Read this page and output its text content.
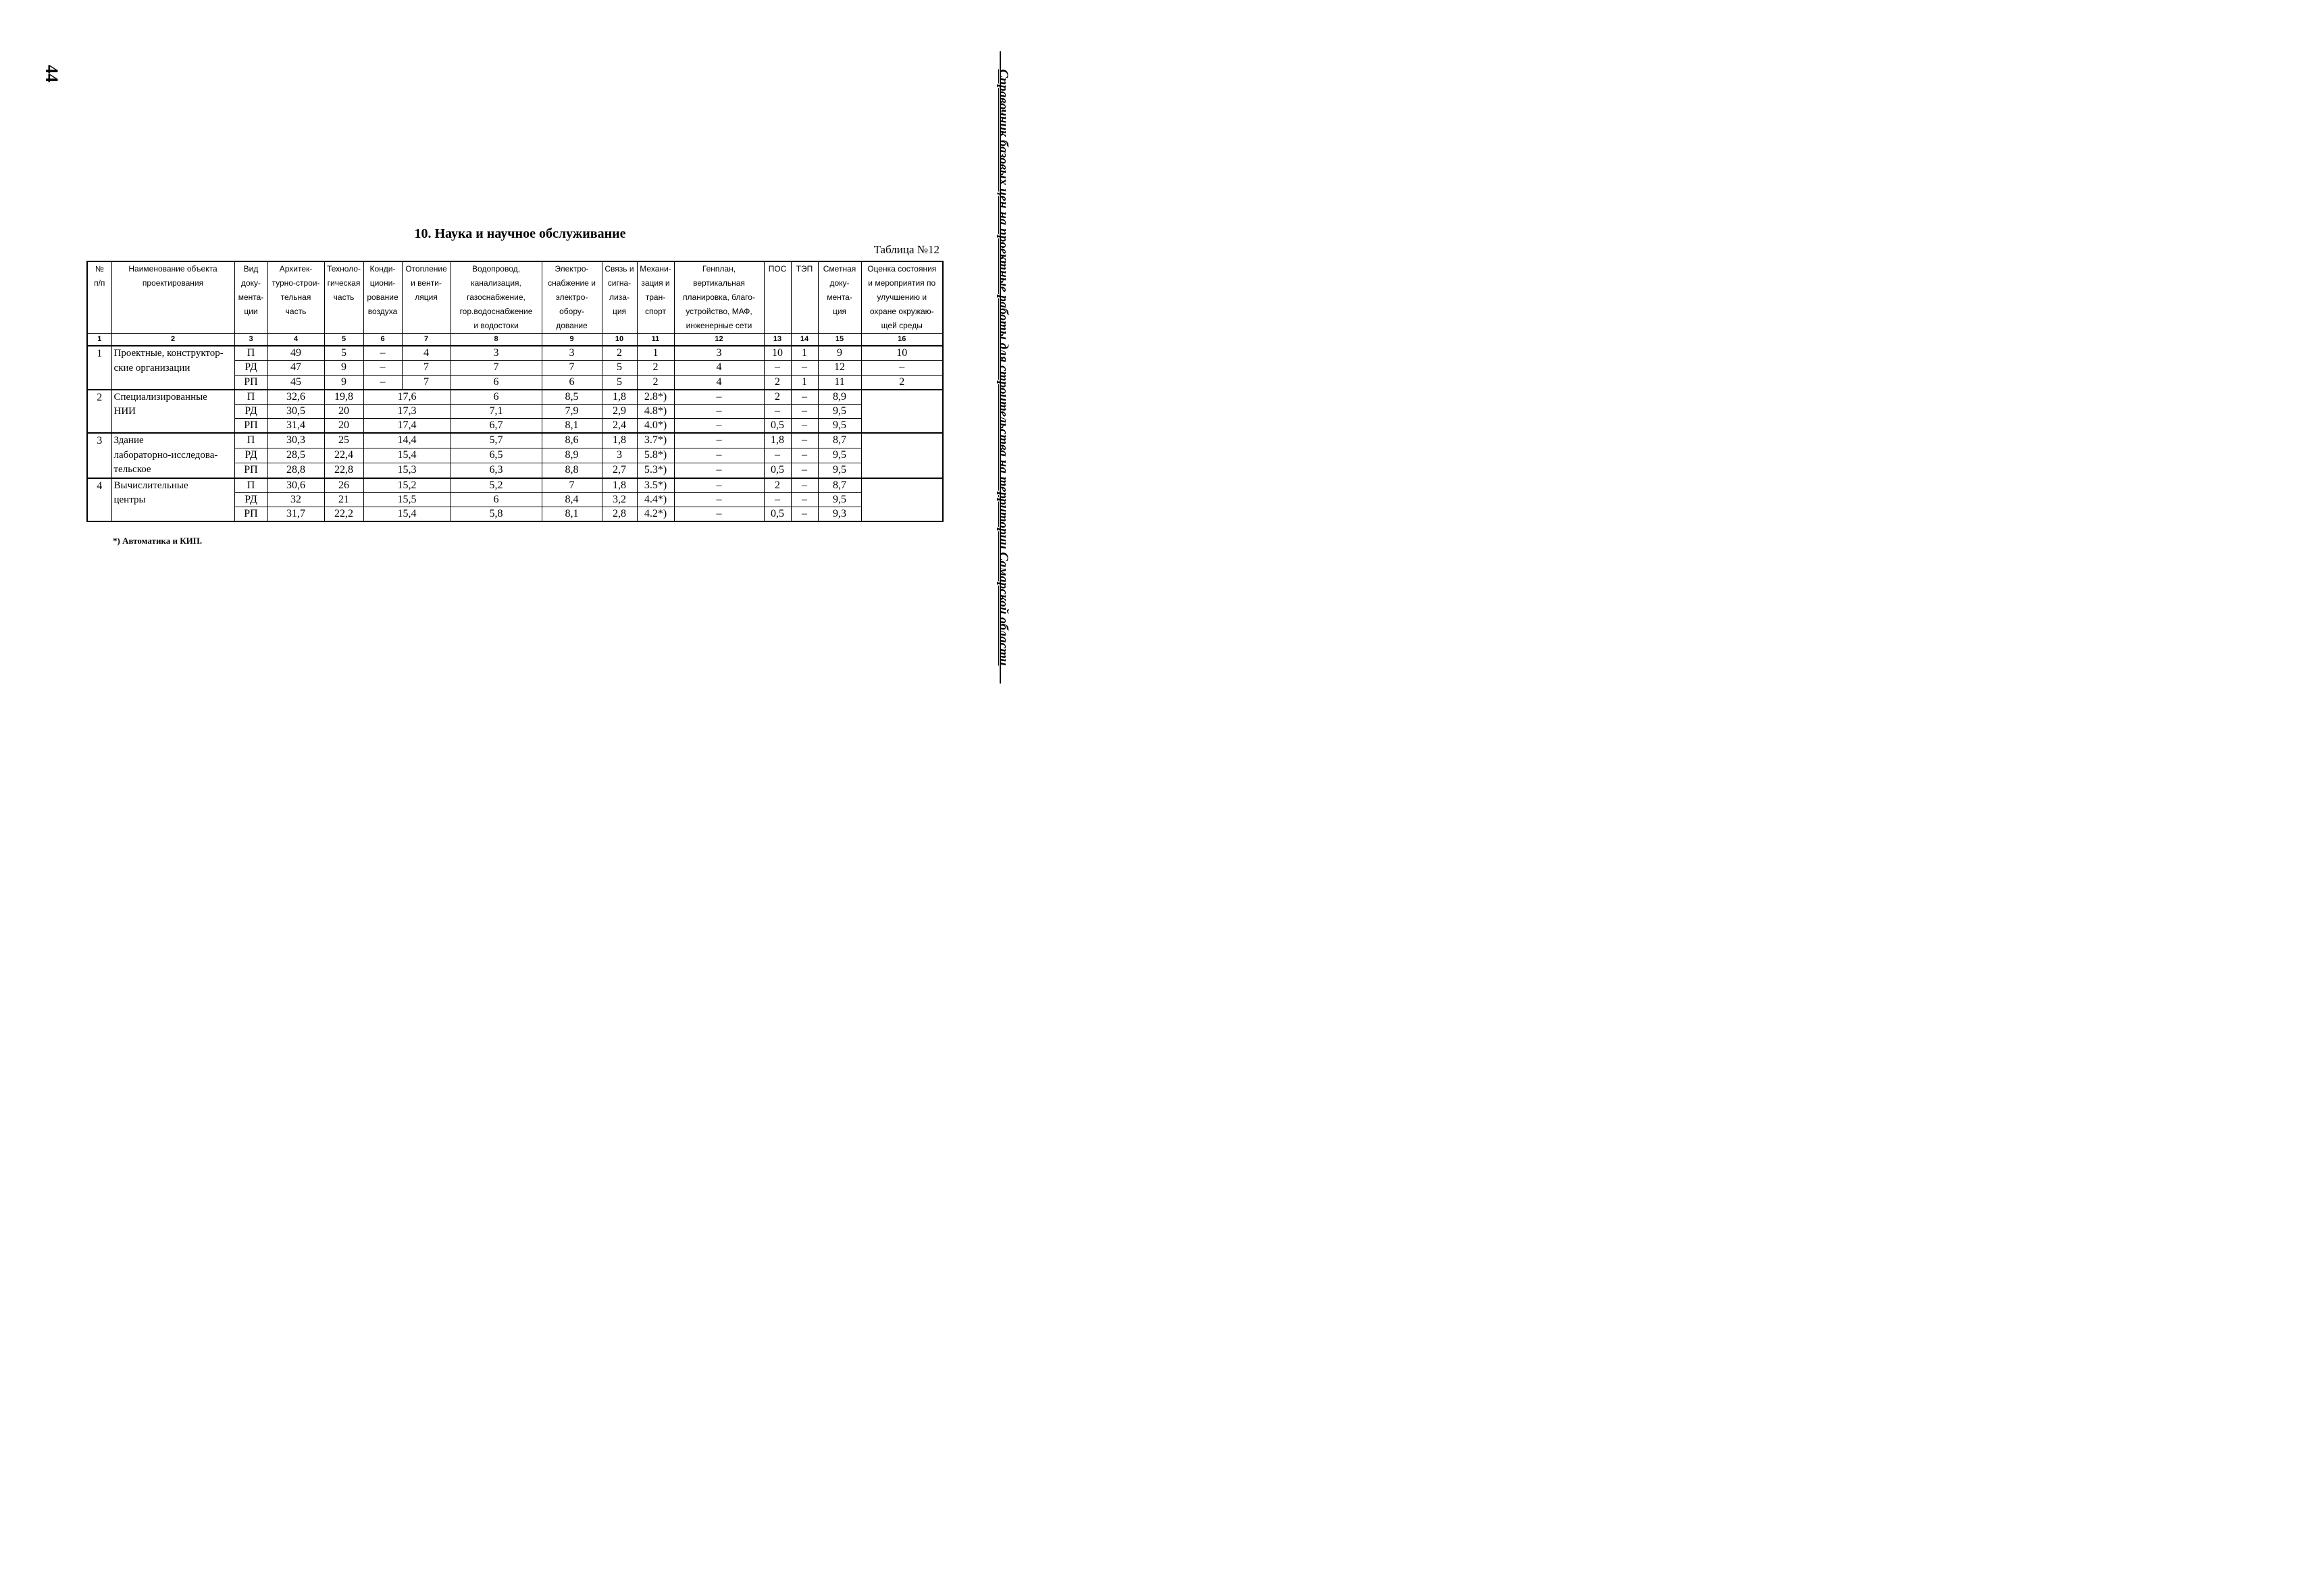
44	Справочник базовых цен на проектные работы для строительства на территории Самарской области
10. Наука и научное обслуживание
Таблица №12
№
п/п	Наименование объекта
проектирования	Вид
доку-
мента-
ции	Архитек-
турно-строи-
тельная
часть	Техноло-
гическая
часть	Конди-
циони-
рование
воздуха	Отопление
и венти-
ляция	Водопровод,
канализация,
газоснабжение,
гор.водоснабжение
и водостоки	Электро-
снабжение и
электро-
обору-
дование	Связь и
сигна-
лиза-
ция	Механи-
зация и
тран-
спорт	Генплан,
вертикальная
планировка, благо-
устройство, МАФ,
инженерные сети	ПОС	ТЭП	Сметная
доку-
мента-
ция	Оценка состояния
и мероприятия по
улучшению и
охране окружаю-
щей среды

1	2	3	4	5	6	7	8	9	10	11	12	13	14	15	16
1	Проектные, конструктор-
ские организации	П	49	5	–	4	3	3	2	1	3	10	1	9	10
		РД	47	9	–	7	7	7	5	2	4	–	–	12	–
		РП	45	9	–	7	6	6	5	2	4	2	1	11	2
2	Специализированные
НИИ	П	32,6	19,8	17,6		6	8,5	1,8	2.8*)	–	2	–	8,9	
		РД	30,5	20	17,3		7,1	7,9	2,9	4.8*)	–	–	–	9,5	
		РП	31,4	20	17,4		6,7	8,1	2,4	4.0*)	–	0,5	–	9,5	
3	Здание
лабораторно-исследова-
тельское	П	30,3	25	14,4		5,7	8,6	1,8	3.7*)	–	1,8	–	8,7	
		РД	28,5	22,4	15,4		6,5	8,9	3	5.8*)	–	–	–	9,5	
		РП	28,8	22,8	15,3		6,3	8,8	2,7	5.3*)	–	0,5	–	9,5	
4	Вычислительные
центры	П	30,6	26	15,2		5,2	7	1,8	3.5*)	–	2	–	8,7	
		РД	32	21	15,5		6	8,4	3,2	4.4*)	–	–	–	9,5	
		РП	31,7	22,2	15,4		5,8	8,1	2,8	4.2*)	–	0,5	–	9,3	
*) Автоматика и КИП.
